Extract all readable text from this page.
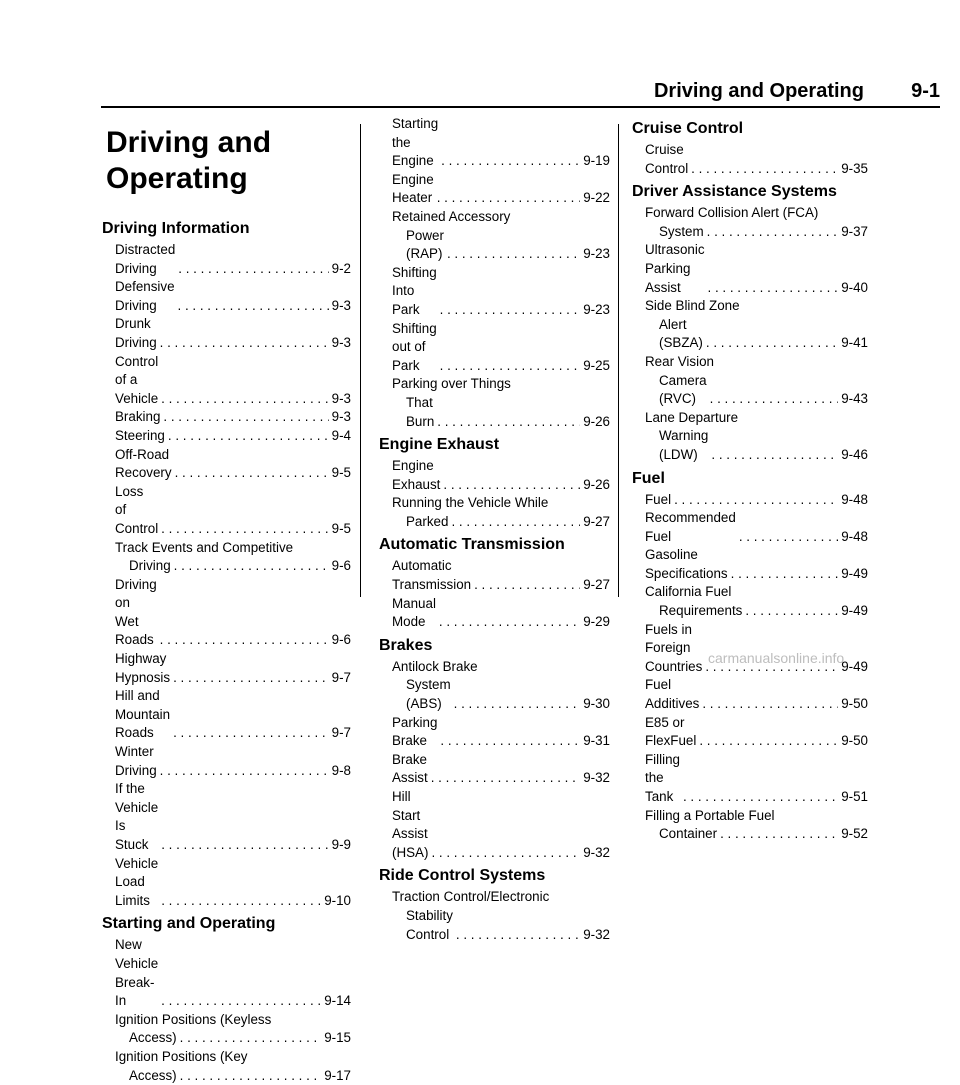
Driving and Operating 9-1
Driving and
Operating
Driving Information
Distracted Driving . . .	9-2
Defensive Driving . . .	9-3
Drunk Driving . . .	9-3
Control of a Vehicle . . .	9-3
Braking . . .	9-3
Steering . . .	9-4
Off-Road Recovery . . .	9-5
Loss of Control . . .	9-5
Track Events and Competitive
Driving . . .	9-6
Driving on Wet Roads . . .	9-6
Highway Hypnosis . . .	9-7
Hill and Mountain Roads . . .	9-7
Winter Driving . . .	9-8
If the Vehicle Is Stuck . . .	9-9
Vehicle Load Limits . . .	9-10
Starting and Operating
New Vehicle Break-In . . .	9-14
Ignition Positions (Keyless
Access) . . .	9-15
Ignition Positions (Key
Access) . . .	9-17
Starting the Engine . . .	9-19
Engine Heater . . .	9-22
Retained Accessory
Power (RAP) . . .	9-23
Shifting Into Park . . .	9-23
Shifting out of Park . . .	9-25
Parking over Things
That Burn . . .	9-26
Engine Exhaust
Engine Exhaust . . .	9-26
Running the Vehicle While
Parked . . .	9-27
Automatic Transmission
Automatic Transmission . . .	9-27
Manual Mode . . .	9-29
Brakes
Antilock Brake
System (ABS) . . .	9-30
Parking Brake . . .	9-31
Brake Assist . . .	9-32
Hill Start Assist (HSA) . . .	9-32
Ride Control Systems
Traction Control/Electronic
Stability Control . . .	9-32
Cruise Control
Cruise Control . . .	9-35
Driver Assistance Systems
Forward Collision Alert (FCA)
System . . .	9-37
Ultrasonic Parking Assist . . .	9-40
Side Blind Zone
Alert (SBZA) . . .	9-41
Rear Vision
Camera (RVC) . . .	9-43
Lane Departure
Warning (LDW) . . .	9-46
Fuel
Fuel . . .	9-48
Recommended Fuel . . .	9-48
Gasoline Specifications . . .	9-49
California Fuel
Requirements . . .	9-49
Fuels in Foreign Countries . . .	9-49
Fuel Additives . . .	9-50
E85 or FlexFuel . . .	9-50
Filling the Tank . . .	9-51
Filling a Portable Fuel
Container . . .	9-52
carmanualsonline.info
